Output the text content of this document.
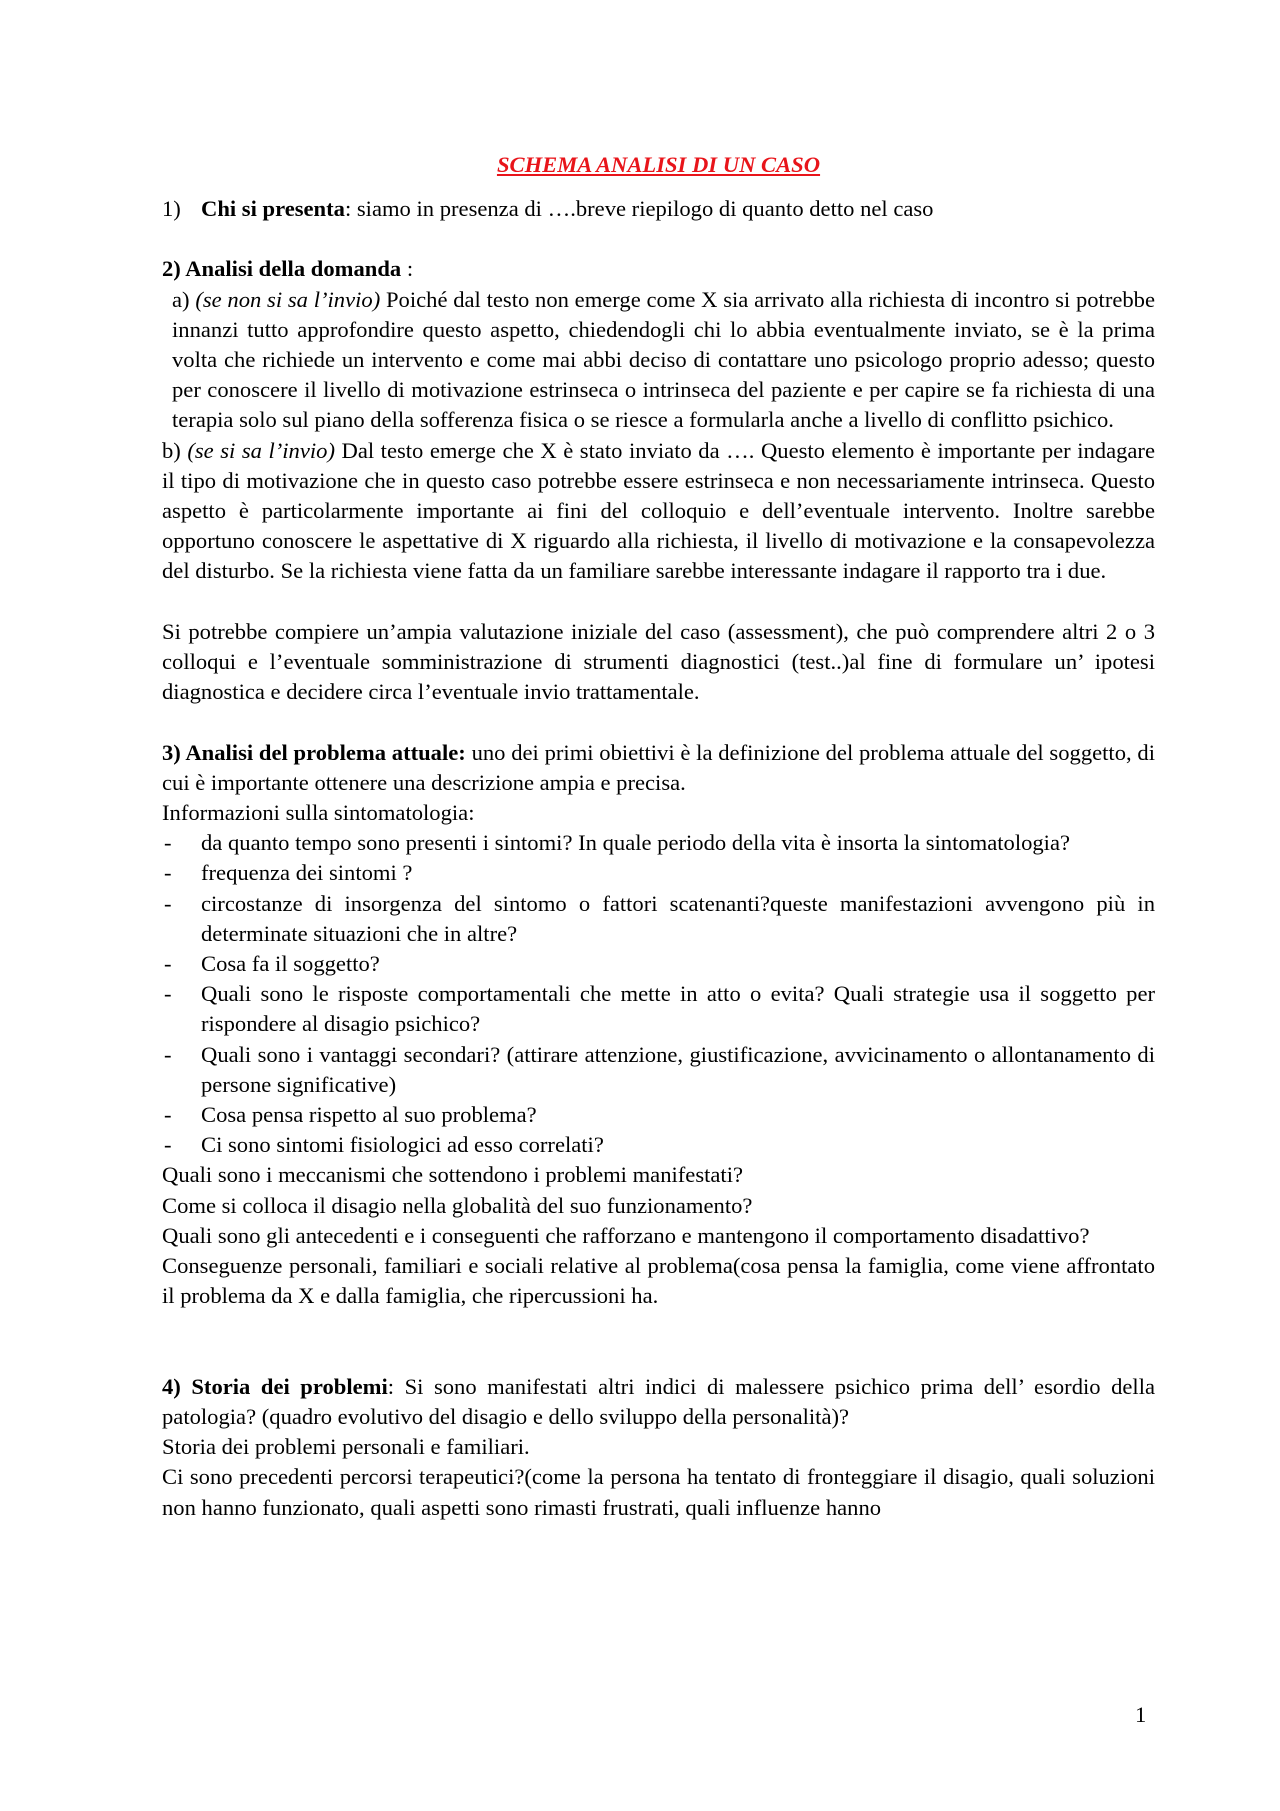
SCHEMA ANALISI DI UN CASO
1) Chi si presenta: siamo in presenza di ….breve riepilogo di quanto detto nel caso

2) Analisi della domanda :

a) (se non si sa l’invio) Poiché dal testo non emerge come X sia arrivato alla richiesta di incontro si potrebbe innanzi tutto approfondire questo aspetto, chiedendogli chi lo abbia eventualmente inviato, se è la prima volta che richiede un intervento e come mai abbi deciso di contattare uno psicologo proprio adesso; questo per conoscere il livello di motivazione estrinseca o intrinseca del paziente e per capire se fa richiesta di una terapia solo sul piano della sofferenza fisica o se riesce a formularla anche a livello di conflitto psichico.

b) (se si sa l’invio) Dal testo emerge che X è stato inviato da …. Questo elemento è importante per indagare il tipo di motivazione che in questo caso potrebbe essere estrinseca e non necessariamente intrinseca. Questo aspetto è particolarmente importante ai fini del colloquio e dell’eventuale intervento. Inoltre sarebbe opportuno conoscere le aspettative di X riguardo alla richiesta, il livello di motivazione e la consapevolezza del disturbo. Se la richiesta viene fatta da un familiare sarebbe interessante indagare il rapporto tra i due.

Si potrebbe compiere un’ampia valutazione iniziale del caso (assessment), che può comprendere altri 2 o 3 colloqui e l’eventuale somministrazione di strumenti diagnostici (test..)al fine di formulare un’ ipotesi diagnostica e decidere circa l’eventuale invio trattamentale.

3) Analisi del problema attuale: uno dei primi obiettivi è la definizione del problema attuale del soggetto, di cui è importante ottenere una descrizione ampia e precisa.

Informazioni sulla sintomatologia:

- da quanto tempo sono presenti i sintomi? In quale periodo della vita è insorta la sintomatologia?
- frequenza dei sintomi ?
- circostanze di insorgenza del sintomo o fattori scatenanti?queste manifestazioni avvengono più in determinate situazioni che in altre?
- Cosa fa il soggetto?
- Quali sono le risposte comportamentali che mette in atto o evita? Quali strategie usa il soggetto per rispondere al disagio psichico?
- Quali sono i vantaggi secondari? (attirare attenzione, giustificazione, avvicinamento o allontanamento di persone significative)
- Cosa pensa rispetto al suo problema?
- Ci sono sintomi fisiologici ad esso correlati?

Quali sono i meccanismi che sottendono i problemi manifestati?

Come si colloca il disagio nella globalità del suo funzionamento?

Quali sono gli antecedenti e i conseguenti che rafforzano e mantengono il comportamento disadattivo?

Conseguenze personali, familiari e sociali relative al problema(cosa pensa la famiglia, come viene affrontato il problema da X e dalla famiglia, che ripercussioni ha.

4) Storia dei problemi: Si sono manifestati altri indici di malessere psichico prima dell’ esordio della patologia? (quadro evolutivo del disagio e dello sviluppo della personalità)?

Storia dei problemi personali e familiari.

Ci sono precedenti percorsi terapeutici?(come la persona ha tentato di fronteggiare il disagio, quali soluzioni non hanno funzionato, quali aspetti sono rimasti frustrati, quali influenze hanno

1
